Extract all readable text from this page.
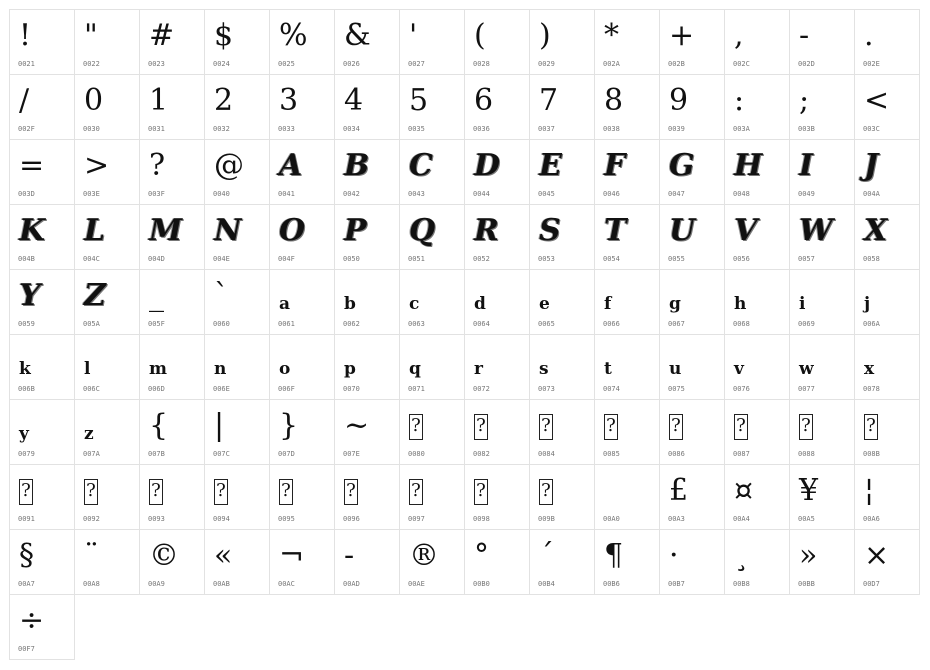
!
0021
"
0022
#
0023
$
0024
%
0025
&
0026
'
0027
(
0028
)
0029
*
002A
+
002B
,
002C
-
002D
.
002E
/
002F
0
0030
1
0031
2
0032
3
0033
4
0034
5
0035
6
0036
7
0037
8
0038
9
0039
:
003A
;
003B
<
003C
=
003D
>
003E
?
003F
@
0040
A
0041
B
0042
C
0043
D
0044
E
0045
F
0046
G
0047
H
0048
I
0049
J
004A
K
004B
L
004C
M
004D
N
004E
O
004F
P
0050
Q
0051
R
0052
S
0053
T
0054
U
0055
V
0056
W
0057
X
0058
Y
0059
Z
005A
_
005F
`
0060
a
0061
b
0062
c
0063
d
0064
e
0065
f
0066
g
0067
h
0068
i
0069
j
006A
k
006B
l
006C
m
006D
n
006E
o
006F
p
0070
q
0071
r
0072
s
0073
t
0074
u
0075
v
0076
w
0077
x
0078
y
0079
z
007A
{
007B
|
007C
}
007D
~
007E
?
0080
?
0082
?
0084
?
0085
?
0086
?
0087
?
0088
?
008B
?
0091
?
0092
?
0093
?
0094
?
0095
?
0096
?
0097
?
0098
?
009B	00A0
£
00A3
¤
00A4
¥
00A5
¦
00A6
§
00A7
¨
00A8
©
00A9
«
00AB
¬
00AC
-
00AD
®
00AE
°
00B0
´
00B4
¶
00B6
·
00B7
¸
00B8
»
00BB
×
00D7
÷
00F7
